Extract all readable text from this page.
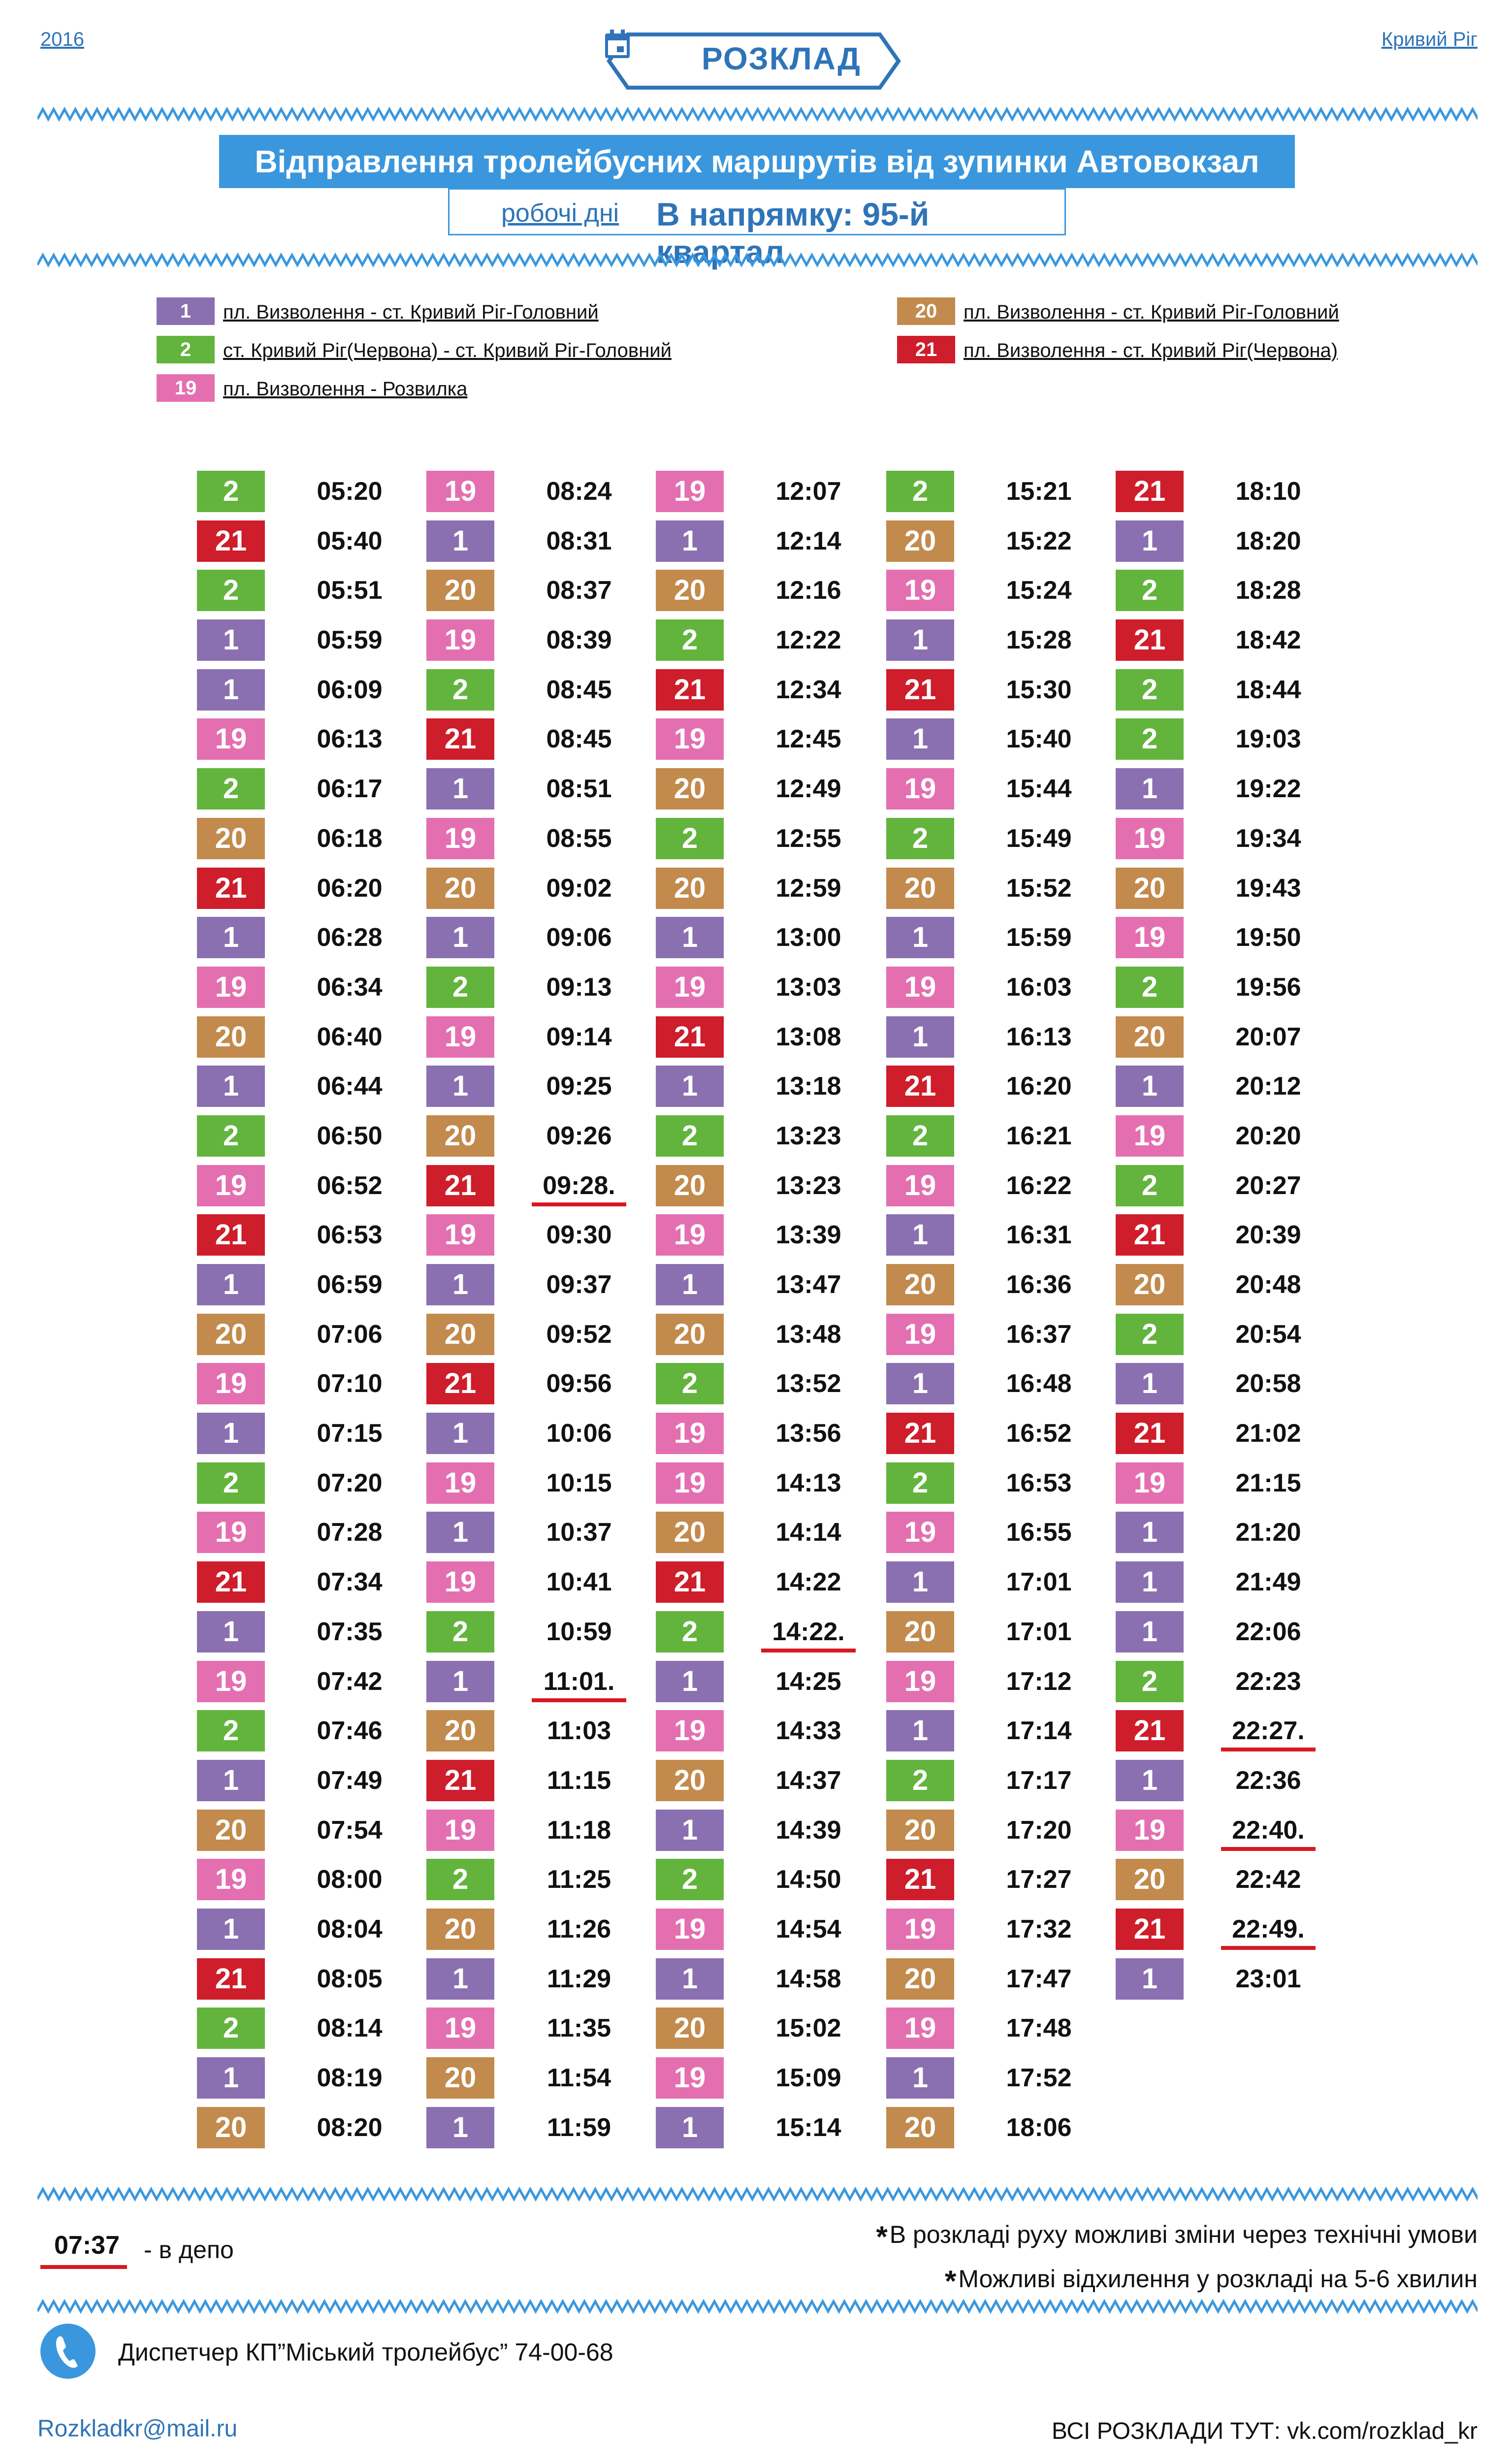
2016	Кривий Ріг
РОЗКЛАД
Відправлення тролейбусних маршрутів від зупинки Автовокзал
робочі дні В напрямку: 95-й квартал
1	пл. Визволення - ст. Кривий Ріг-Головний
2	ст. Кривий Ріг(Червона) - ст. Кривий Ріг-Головний
19	пл. Визволення - Розвилка
20	пл. Визволення - ст. Кривий Ріг-Головний
21	пл. Визволення - ст. Кривий Ріг(Червона)
2	05:20
21	05:40
2	05:51
1	05:59
1	06:09
19	06:13
2	06:17
20	06:18
21	06:20
1	06:28
19	06:34
20	06:40
1	06:44
2	06:50
19	06:52
21	06:53
1	06:59
20	07:06
19	07:10
1	07:15
2	07:20
19	07:28
21	07:34
1	07:35
19	07:42
2	07:46
1	07:49
20	07:54
19	08:00
1	08:04
21	08:05
2	08:14
1	08:19
20	08:20
19	08:24
1	08:31
20	08:37
19	08:39
2	08:45
21	08:45
1	08:51
19	08:55
20	09:02
1	09:06
2	09:13
19	09:14
1	09:25
20	09:26
21	09:28.
19	09:30
1	09:37
20	09:52
21	09:56
1	10:06
19	10:15
1	10:37
19	10:41
2	10:59
1	11:01.
20	11:03
21	11:15
19	11:18
2	11:25
20	11:26
1	11:29
19	11:35
20	11:54
1	11:59
19	12:07
1	12:14
20	12:16
2	12:22
21	12:34
19	12:45
20	12:49
2	12:55
20	12:59
1	13:00
19	13:03
21	13:08
1	13:18
2	13:23
20	13:23
19	13:39
1	13:47
20	13:48
2	13:52
19	13:56
19	14:13
20	14:14
21	14:22
2	14:22.
1	14:25
19	14:33
20	14:37
1	14:39
2	14:50
19	14:54
1	14:58
20	15:02
19	15:09
1	15:14
2	15:21
20	15:22
19	15:24
1	15:28
21	15:30
1	15:40
19	15:44
2	15:49
20	15:52
1	15:59
19	16:03
1	16:13
21	16:20
2	16:21
19	16:22
1	16:31
20	16:36
19	16:37
1	16:48
21	16:52
2	16:53
19	16:55
1	17:01
20	17:01
19	17:12
1	17:14
2	17:17
20	17:20
21	17:27
19	17:32
20	17:47
19	17:48
1	17:52
20	18:06
21	18:10
1	18:20
2	18:28
21	18:42
2	18:44
2	19:03
1	19:22
19	19:34
20	19:43
19	19:50
2	19:56
20	20:07
1	20:12
19	20:20
2	20:27
21	20:39
20	20:48
2	20:54
1	20:58
21	21:02
19	21:15
1	21:20
1	21:49
1	22:06
2	22:23
21	22:27.
1	22:36
19	22:40.
20	22:42
21	22:49.
1	23:01
07:37 - в депо	*В розкладі руху можливі зміни через технічні умови
*Можливі відхилення у розкладі на 5-6 хвилин
Диспетчер КП”Міський тролейбус” 74-00-68
Rozkladkr@mail.ru	ВСІ РОЗКЛАДИ ТУТ: vk.com/rozklad_kr
